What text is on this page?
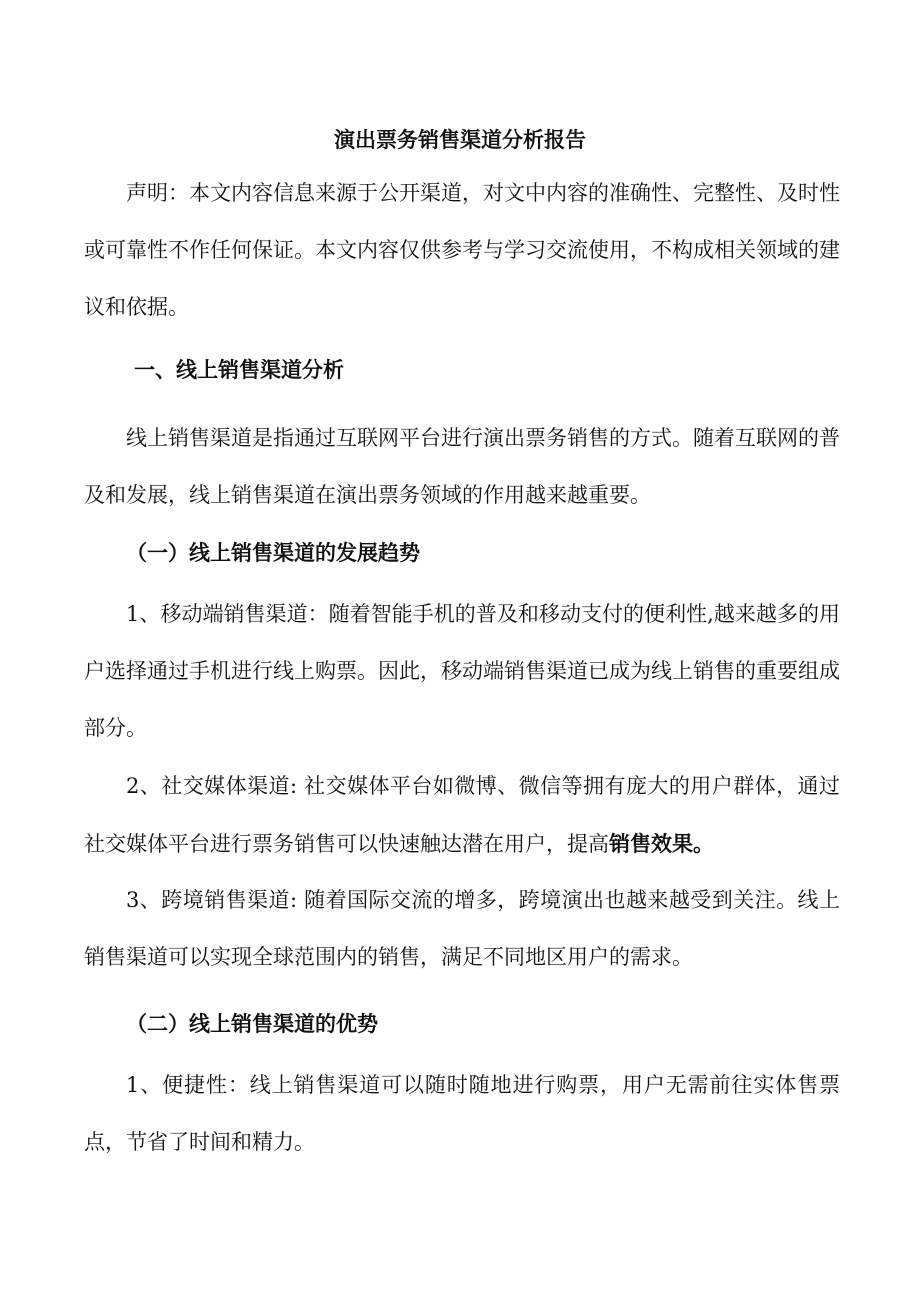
演出票务销售渠道分析报告

声明：本文内容信息来源于公开渠道，对文中内容的准确性、完整性、及时性或可靠性不作任何保证。本文内容仅供参考与学习交流使用，不构成相关领域的建议和依据。

一、线上销售渠道分析

线上销售渠道是指通过互联网平台进行演出票务销售的方式。随着互联网的普及和发展，线上销售渠道在演出票务领域的作用越来越重要。

（一）线上销售渠道的发展趋势

1、移动端销售渠道：随着智能手机的普及和移动支付的便利性,越来越多的用户选择通过手机进行线上购票。因此，移动端销售渠道已成为线上销售的重要组成部分。

2、社交媒体渠道: 社交媒体平台如微博、微信等拥有庞大的用户群体，通过社交媒体平台进行票务销售可以快速触达潜在用户，提高销售效果。

3、跨境销售渠道: 随着国际交流的增多，跨境演出也越来越受到关注。线上销售渠道可以实现全球范围内的销售，满足不同地区用户的需求。

（二）线上销售渠道的优势

1、便捷性：线上销售渠道可以随时随地进行购票，用户无需前往实体售票点，节省了时间和精力。
